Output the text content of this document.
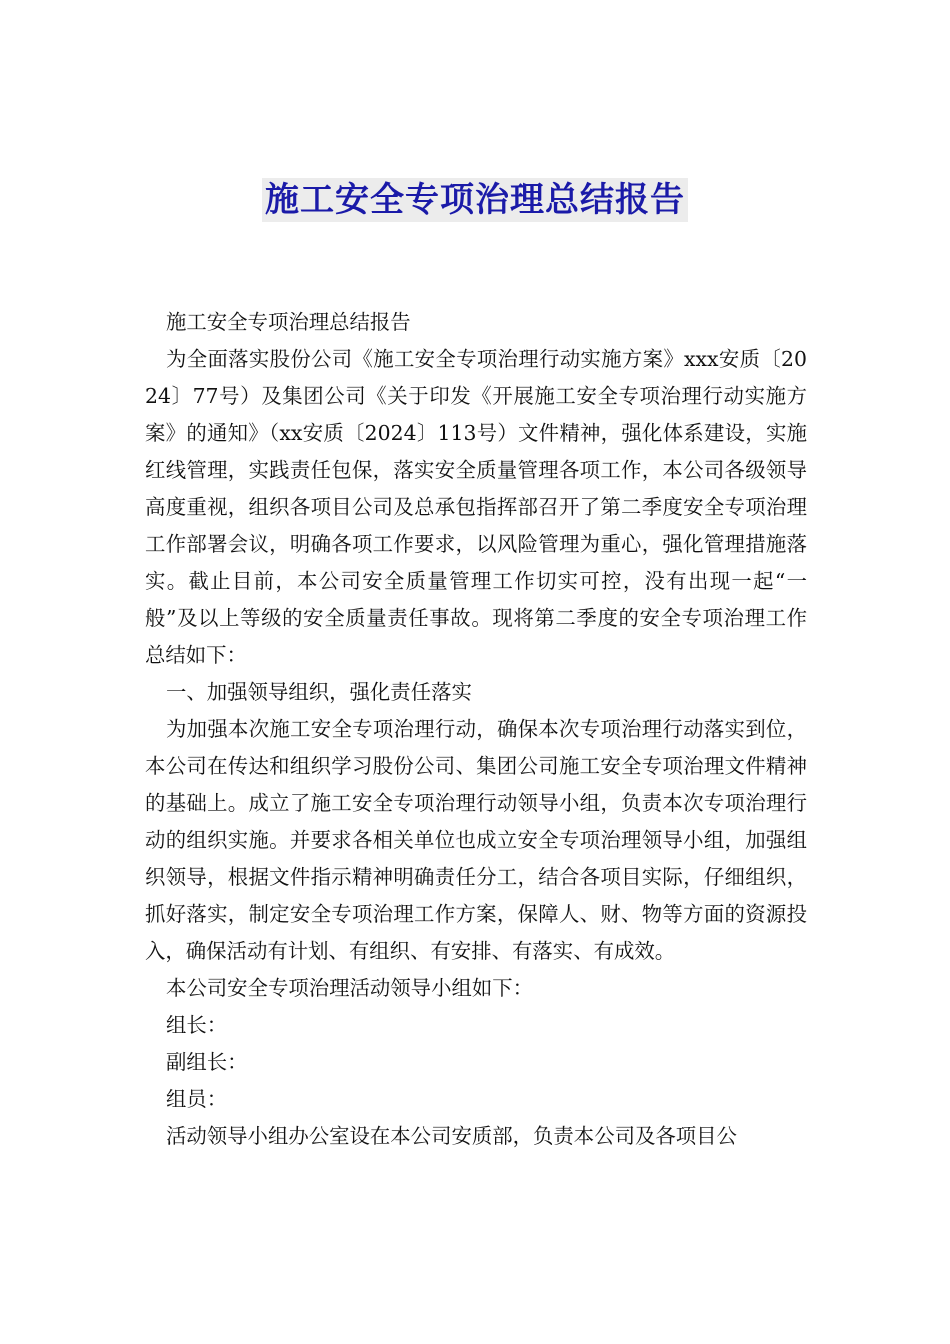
施工安全专项治理总结报告

施工安全专项治理总结报告

为全面落实股份公司《施工安全专项治理行动实施方案》xxx安质〔2024〕77号）及集团公司《关于印发《开展施工安全专项治理行动实施方案》的通知》（xx安质〔2024〕113号）文件精神，强化体系建设，实施红线管理，实践责任包保，落实安全质量管理各项工作，本公司各级领导高度重视，组织各项目公司及总承包指挥部召开了第二季度安全专项治理工作部署会议，明确各项工作要求，以风险管理为重心，强化管理措施落实。截止目前，本公司安全质量管理工作切实可控，没有出现一起“一般”及以上等级的安全质量责任事故。现将第二季度的安全专项治理工作总结如下：

一、加强领导组织，强化责任落实

为加强本次施工安全专项治理行动，确保本次专项治理行动落实到位，本公司在传达和组织学习股份公司、集团公司施工安全专项治理文件精神的基础上。成立了施工安全专项治理行动领导小组，负责本次专项治理行动的组织实施。并要求各相关单位也成立安全专项治理领导小组，加强组织领导，根据文件指示精神明确责任分工，结合各项目实际，仔细组织，抓好落实，制定安全专项治理工作方案，保障人、财、物等方面的资源投入，确保活动有计划、有组织、有安排、有落实、有成效。

本公司安全专项治理活动领导小组如下：

组长：

副组长：

组员：

活动领导小组办公室设在本公司安质部，负责本公司及各项目公
